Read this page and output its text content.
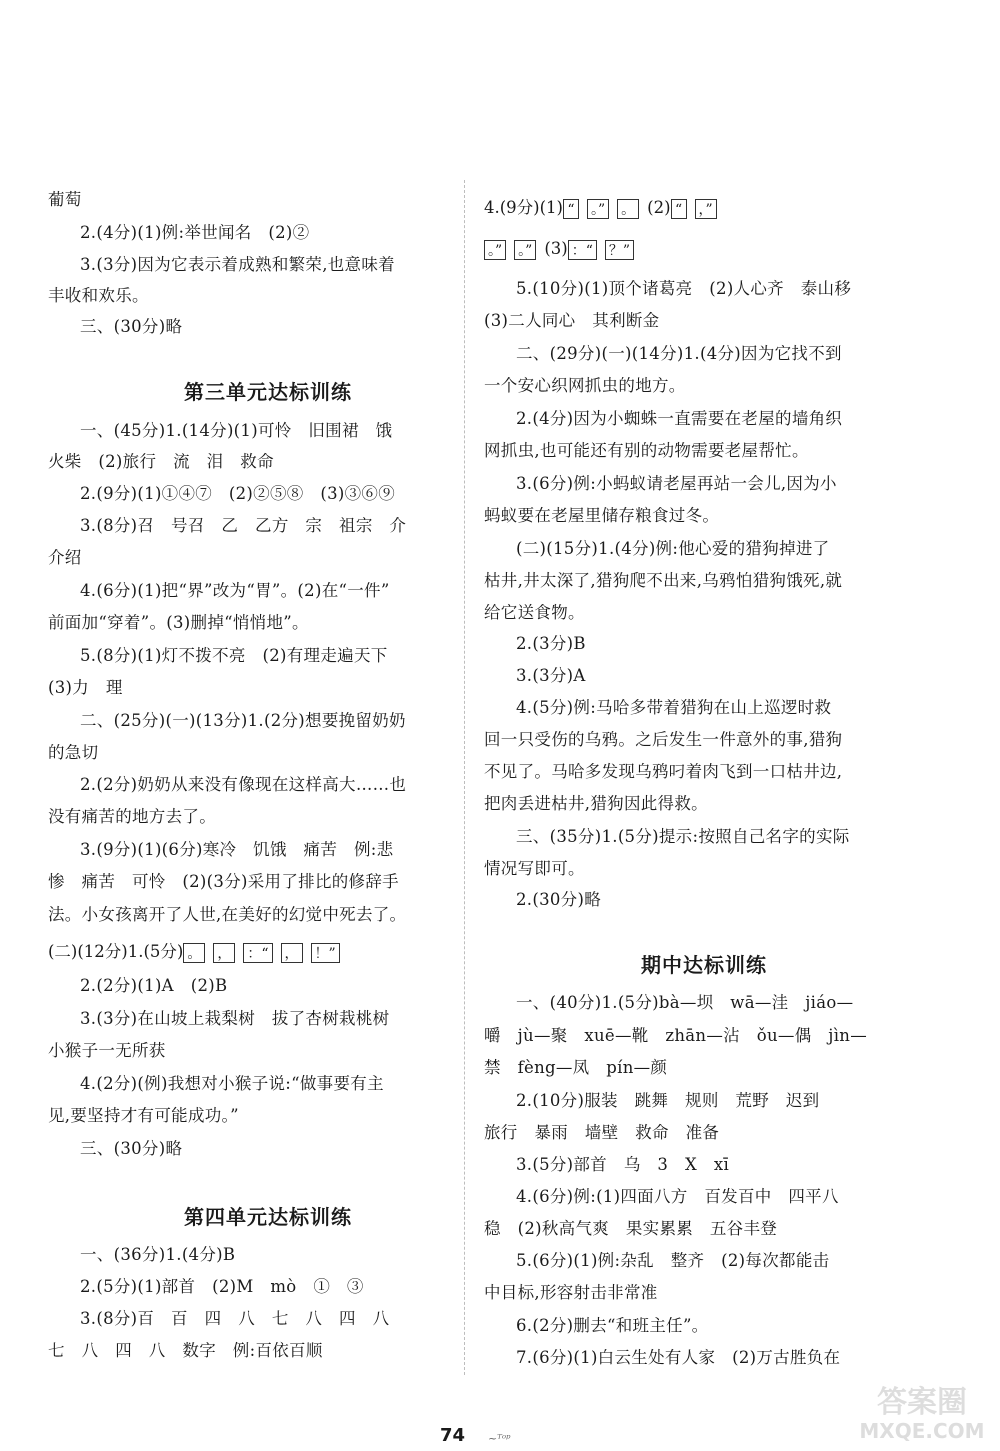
葡萄
2.(4分)(1)例:举世闻名　(2)②
3.(3分)因为它表示着成熟和繁荣,也意味着
丰收和欢乐。
三、(30分)略
第三单元达标训练
一、(45分)1.(14分)(1)可怜　旧围裙　饿
火柴　(2)旅行　流　泪　救命
2.(9分)(1)①④⑦　(2)②⑤⑧　(3)③⑥⑨
3.(8分)召　号召　乙　乙方　宗　祖宗　介
介绍
4.(6分)(1)把“界”改为“胃”。(2)在“一件”
前面加“穿着”。(3)删掉“悄悄地”。
5.(8分)(1)灯不拨不亮　(2)有理走遍天下
(3)力　理
二、(25分)(一)(13分)1.(2分)想要挽留奶奶
的急切
2.(2分)奶奶从来没有像现在这样高大……也
没有痛苦的地方去了。
3.(9分)(1)(6分)寒冷　饥饿　痛苦　例:悲
惨　痛苦　可怜　(2)(3分)采用了排比的修辞手
法。小女孩离开了人世,在美好的幻觉中死去了。
(二)(12分)1.(5分) 。 ， ：“ ， ！”
2.(2分)(1)A　(2)B
3.(3分)在山坡上栽梨树　拔了杏树栽桃树
小猴子一无所获
4.(2分)(例)我想对小猴子说:“做事要有主
见,要坚持才有可能成功。”
三、(30分)略
第四单元达标训练
一、(36分)1.(4分)B
2.(5分)(1)部首　(2)M　mò　①　③
3.(8分)百　百　四　八　七　八　四　八
七　八　四　八　数字　例:百依百顺
4.(9分)(1) “ 。” 。 (2) “ ，”
。” 。” (3) ：“ ？”
5.(10分)(1)顶个诸葛亮　(2)人心齐　泰山移
(3)二人同心　其利断金
二、(29分)(一)(14分)1.(4分)因为它找不到
一个安心织网抓虫的地方。
2.(4分)因为小蜘蛛一直需要在老屋的墙角织
网抓虫,也可能还有别的动物需要老屋帮忙。
3.(6分)例:小蚂蚁请老屋再站一会儿,因为小
蚂蚁要在老屋里储存粮食过冬。
(二)(15分)1.(4分)例:他心爱的猎狗掉进了
枯井,井太深了,猎狗爬不出来,乌鸦怕猎狗饿死,就
给它送食物。
2.(3分)B
3.(3分)A
4.(5分)例:马哈多带着猎狗在山上巡逻时救
回一只受伤的乌鸦。之后发生一件意外的事,猎狗
不见了。马哈多发现乌鸦叼着肉飞到一口枯井边,
把肉丢进枯井,猎狗因此得救。
三、(35分)1.(5分)提示:按照自己名字的实际
情况写即可。
2.(30分)略
期中达标训练
一、(40分)1.(5分)bà—坝　wā—洼　jiáo—
嚼　jù—聚　xuē—靴　zhān—沾　ǒu—偶　jìn—
禁　fèng—凤　pín—颜
2.(10分)服装　跳舞　规则　荒野　迟到
旅行　暴雨　墙壁　救命　准备
3.(5分)部首　乌　3　X　xī
4.(6分)例:(1)四面八方　百发百中　四平八
稳　(2)秋高气爽　果实累累　五谷丰登
5.(6分)(1)例:杂乱　整齐　(2)每次都能击
中目标,形容射击非常准
6.(2分)删去“和班主任”。
7.(6分)(1)白云生处有人家　(2)万古胜负在
74 ~ᵀᵒᵖ
答案圈
MXQE.COM
